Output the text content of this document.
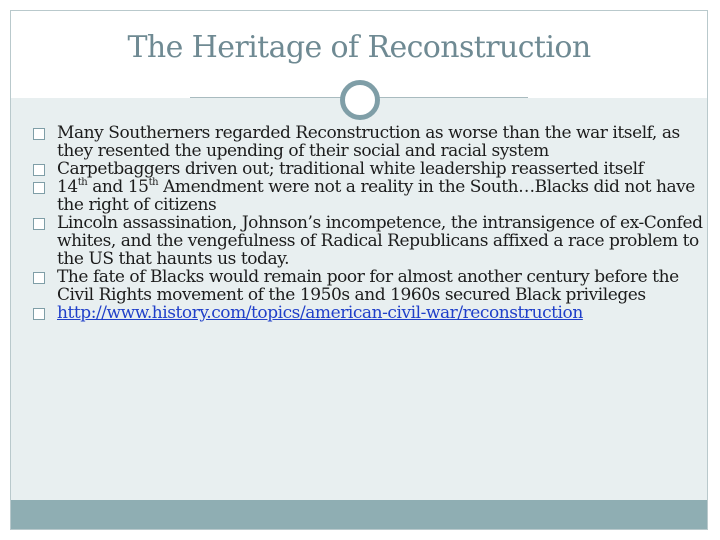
The Heritage of Reconstruction
Many Southerners regarded Reconstruction as worse than the war itself, as they resented the upending of their social and racial system
Carpetbaggers driven out; traditional white leadership reasserted itself
14th and 15th Amendment were not a reality in the South…Blacks did not have the right of citizens
Lincoln assassination, Johnson’s incompetence, the intransigence of ex-Confed whites, and the vengefulness of Radical Republicans affixed a race problem to the US that haunts us today.
The fate of Blacks would remain poor for almost another century before the Civil Rights movement of the 1950s and 1960s secured Black privileges
http://www.history.com/topics/american-civil-war/reconstruction
